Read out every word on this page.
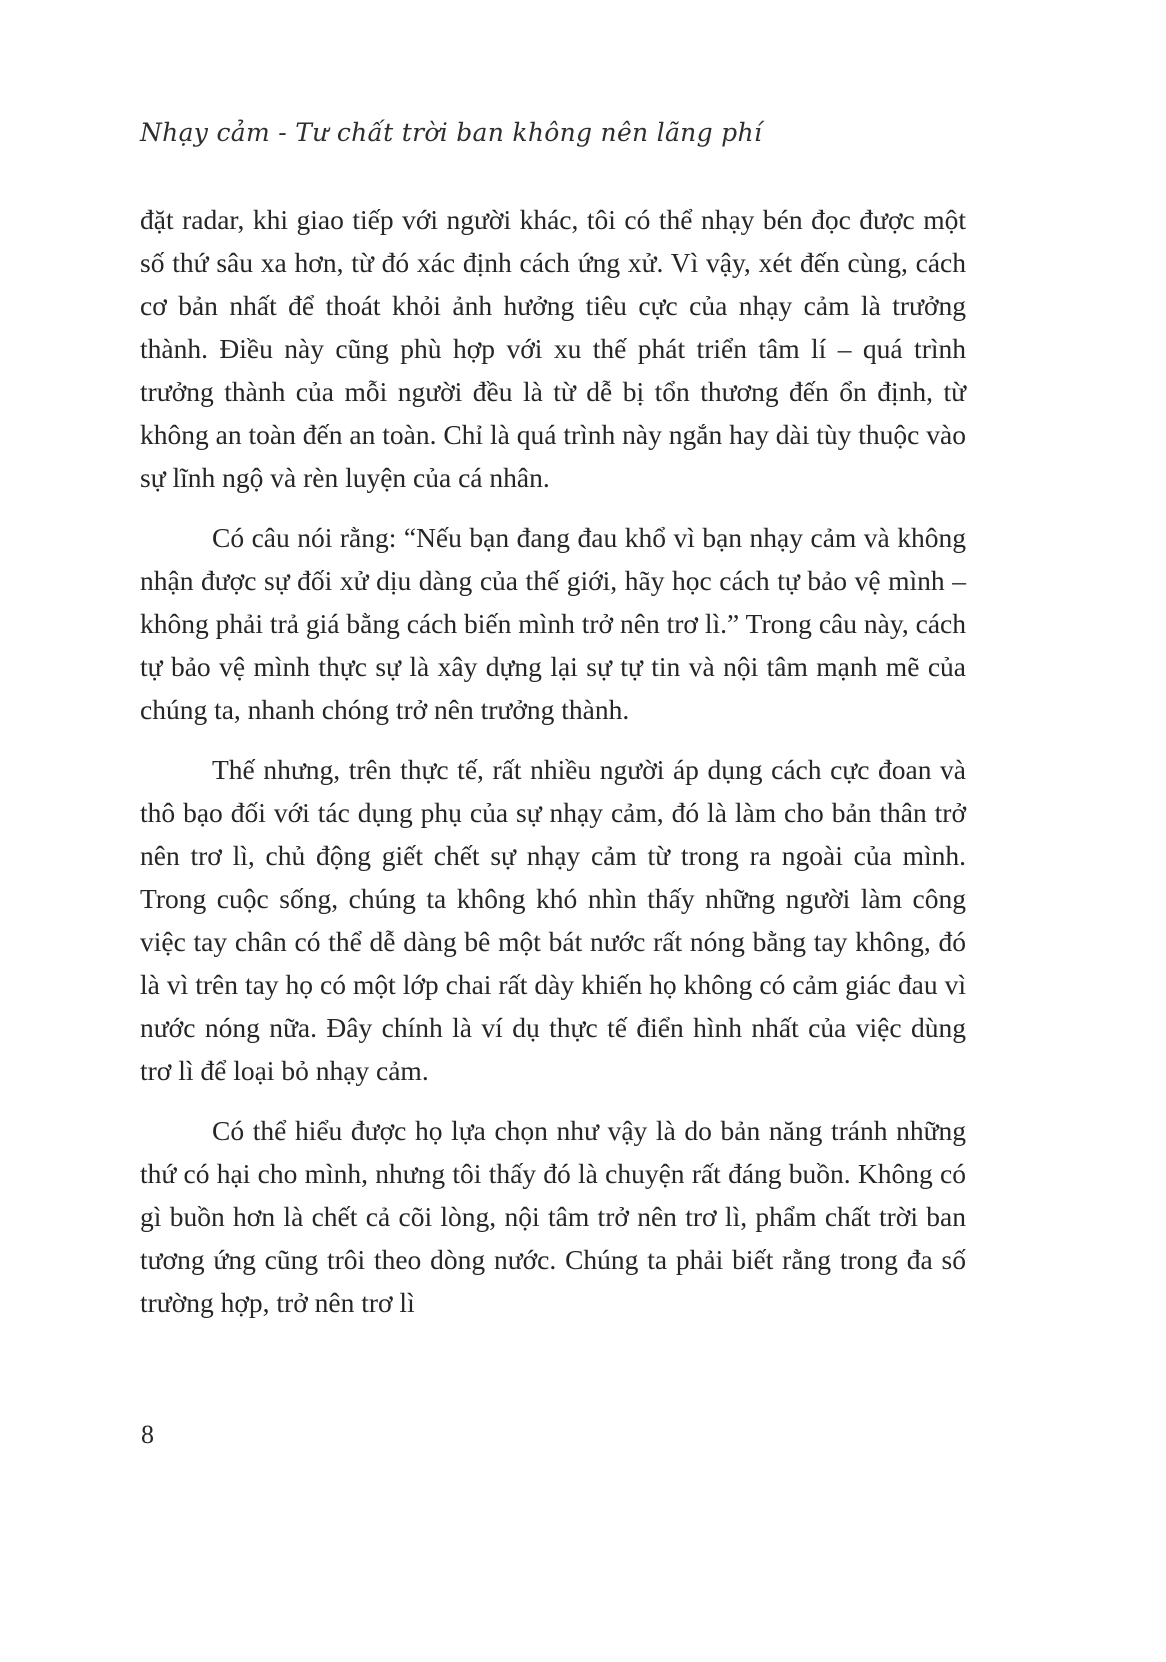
Nhạy cảm - Tư chất trời ban không nên lãng phí

đặt radar, khi giao tiếp với người khác, tôi có thể nhạy bén đọc được một số thứ sâu xa hơn, từ đó xác định cách ứng xử. Vì vậy, xét đến cùng, cách cơ bản nhất để thoát khỏi ảnh hưởng tiêu cực của nhạy cảm là trưởng thành. Điều này cũng phù hợp với xu thế phát triển tâm lí – quá trình trưởng thành của mỗi người đều là từ dễ bị tổn thương đến ổn định, từ không an toàn đến an toàn. Chỉ là quá trình này ngắn hay dài tùy thuộc vào sự lĩnh ngộ và rèn luyện của cá nhân.

Có câu nói rằng: “Nếu bạn đang đau khổ vì bạn nhạy cảm và không nhận được sự đối xử dịu dàng của thế giới, hãy học cách tự bảo vệ mình – không phải trả giá bằng cách biến mình trở nên trơ lì.” Trong câu này, cách tự bảo vệ mình thực sự là xây dựng lại sự tự tin và nội tâm mạnh mẽ của chúng ta, nhanh chóng trở nên trưởng thành.

Thế nhưng, trên thực tế, rất nhiều người áp dụng cách cực đoan và thô bạo đối với tác dụng phụ của sự nhạy cảm, đó là làm cho bản thân trở nên trơ lì, chủ động giết chết sự nhạy cảm từ trong ra ngoài của mình. Trong cuộc sống, chúng ta không khó nhìn thấy những người làm công việc tay chân có thể dễ dàng bê một bát nước rất nóng bằng tay không, đó là vì trên tay họ có một lớp chai rất dày khiến họ không có cảm giác đau vì nước nóng nữa. Đây chính là ví dụ thực tế điển hình nhất của việc dùng trơ lì để loại bỏ nhạy cảm.

Có thể hiểu được họ lựa chọn như vậy là do bản năng tránh những thứ có hại cho mình, nhưng tôi thấy đó là chuyện rất đáng buồn. Không có gì buồn hơn là chết cả cõi lòng, nội tâm trở nên trơ lì, phẩm chất trời ban tương ứng cũng trôi theo dòng nước. Chúng ta phải biết rằng trong đa số trường hợp, trở nên trơ lì

8
